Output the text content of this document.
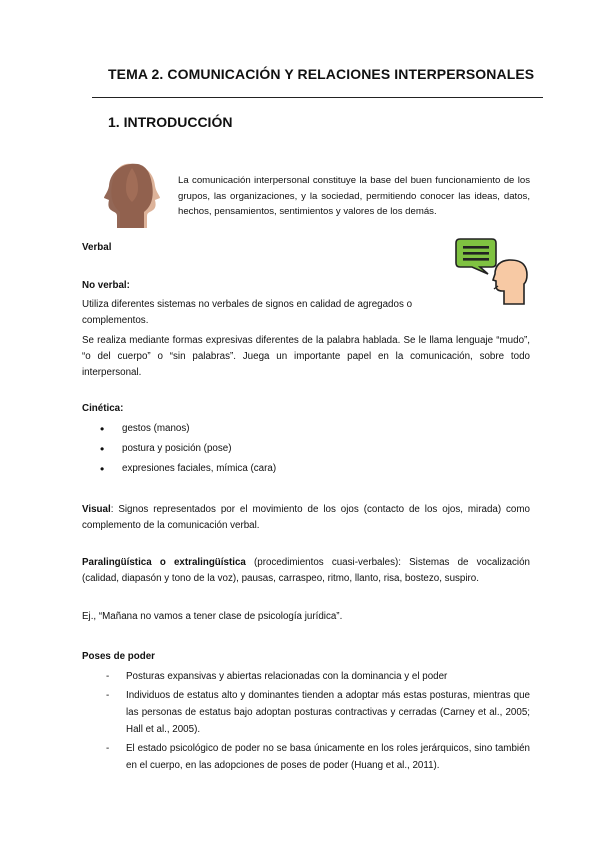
TEMA 2. COMUNICACIÓN Y RELACIONES INTERPERSONALES
1. INTRODUCCIÓN
La comunicación interpersonal constituye la base del buen funcionamiento de los grupos, las organizaciones, y la sociedad, permitiendo conocer las ideas, datos, hechos, pensamientos, sentimientos y valores de los demás.
Verbal
No verbal:
Utiliza diferentes sistemas no verbales de signos en calidad de agregados o complementos.
Se realiza mediante formas expresivas diferentes de la palabra hablada. Se le llama lenguaje “mudo”, “o del cuerpo” o “sin palabras”. Juega un importante papel en la comunicación, sobre todo interpersonal.
Cinética:
• gestos (manos)
• postura y posición (pose)
• expresiones faciales, mímica (cara)
Visual: Signos representados por el movimiento de los ojos (contacto de los ojos, mirada) como complemento de la comunicación verbal.
Paralingüística o extralingüística (procedimientos cuasi-verbales): Sistemas de vocalización (calidad, diapasón y tono de la voz), pausas, carraspeo, ritmo, llanto, risa, bostezo, suspiro.
Ej., “Mañana no vamos a tener clase de psicología jurídica”.
Poses de poder
- Posturas expansivas y abiertas relacionadas con la dominancia y el poder
- Individuos de estatus alto y dominantes tienden a adoptar más estas posturas, mientras que las personas de estatus bajo adoptan posturas contractivas y cerradas (Carney et al., 2005; Hall et al., 2005).
- El estado psicológico de poder no se basa únicamente en los roles jerárquicos, sino también en el cuerpo, en las adopciones de poses de poder (Huang et al., 2011).
